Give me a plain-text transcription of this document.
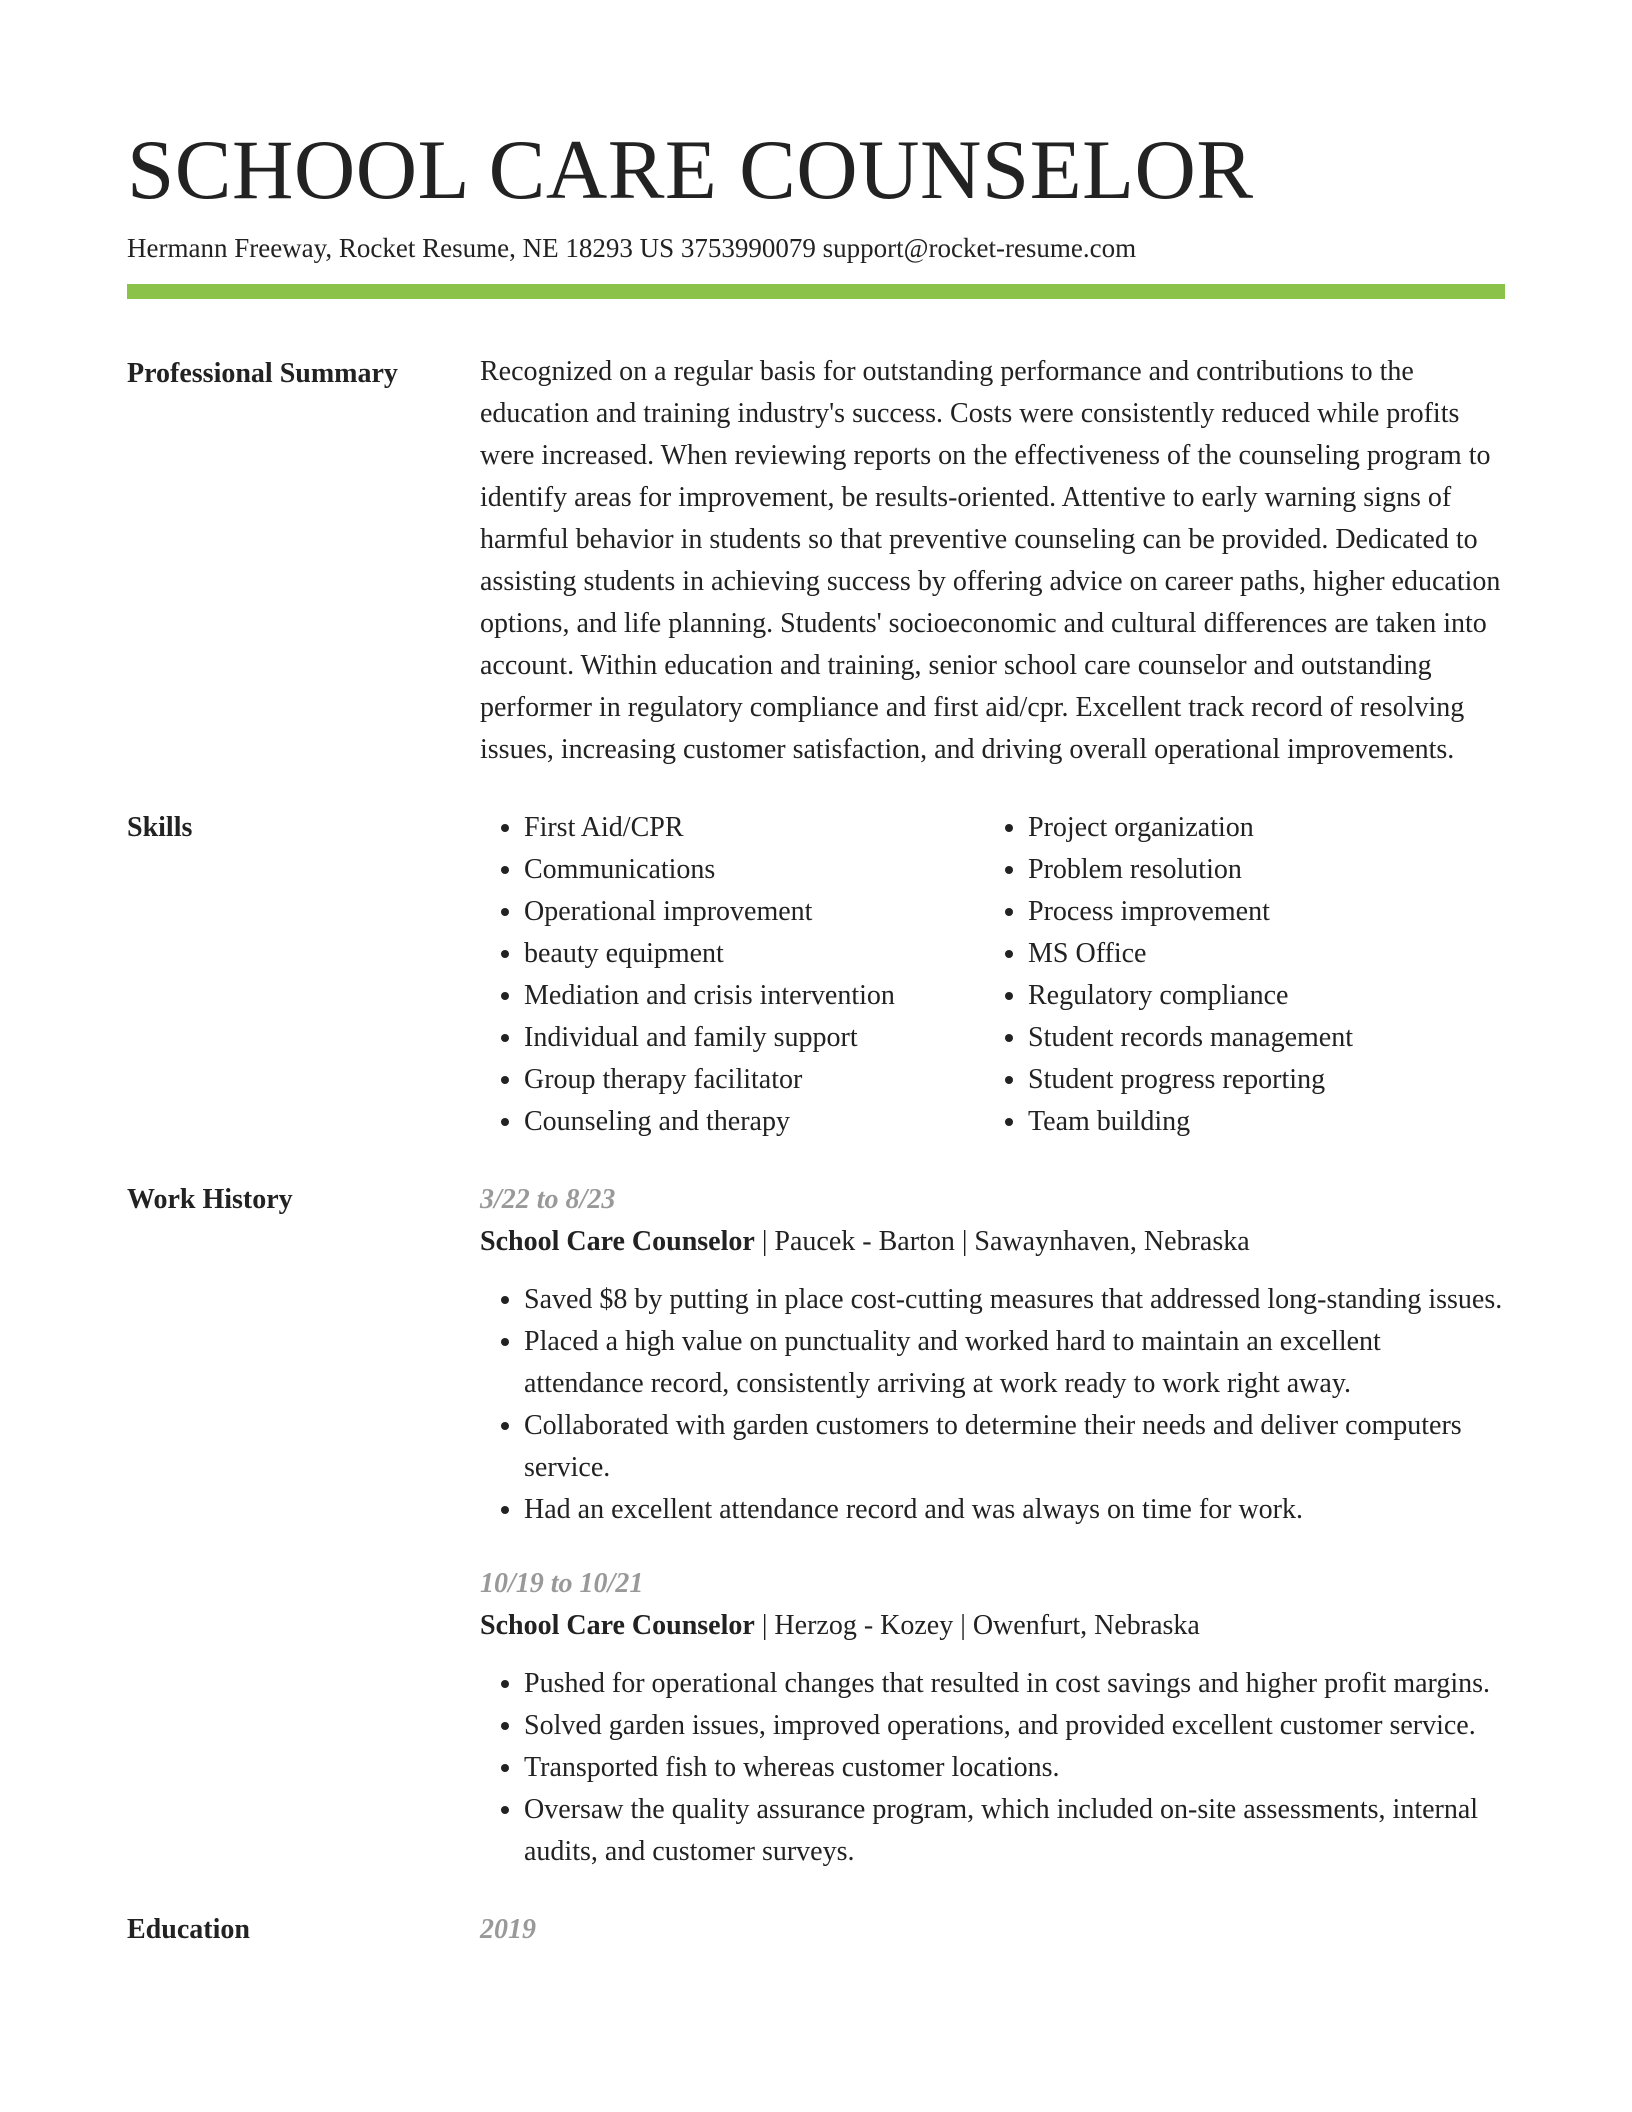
SCHOOL CARE COUNSELOR
Hermann Freeway, Rocket Resume, NE 18293 US 3753990079 support@rocket-resume.com
Professional Summary	Recognized on a regular basis for outstanding performance and contributions to the education and training industry's success. Costs were consistently reduced while profits were increased. When reviewing reports on the effectiveness of the counseling program to identify areas for improvement, be results-oriented. Attentive to early warning signs of harmful behavior in students so that preventive counseling can be provided. Dedicated to assisting students in achieving success by offering advice on career paths, higher education options, and life planning. Students' socioeconomic and cultural differences are taken into account. Within education and training, senior school care counselor and outstanding performer in regulatory compliance and first aid/cpr. Excellent track record of resolving issues, increasing customer satisfaction, and driving overall operational improvements.

Skills
•	First Aid/CPR
• Communications
• Operational improvement
• beauty equipment
• Mediation and crisis intervention
• Individual and family support
• Group therapy facilitator
• Counseling and therapy
• Project organization
• Problem resolution
• Process improvement
• MS Office
• Regulatory compliance
• Student records management
• Student progress reporting
• Team building
Work History	3/22 to 8/23
School Care Counselor | Paucek - Barton | Sawaynhaven, Nebraska
• Saved $8 by putting in place cost-cutting measures that addressed long-standing issues.
• Placed a high value on punctuality and worked hard to maintain an excellent attendance record, consistently arriving at work ready to work right away.
• Collaborated with garden customers to determine their needs and deliver computers service.
• Had an excellent attendance record and was always on time for work.
10/19 to 10/21
School Care Counselor | Herzog - Kozey | Owenfurt, Nebraska
• Pushed for operational changes that resulted in cost savings and higher profit margins.
• Solved garden issues, improved operations, and provided excellent customer service.
• Transported fish to whereas customer locations.
• Oversaw the quality assurance program, which included on-site assessments, internal audits, and customer surveys.
Education	2019
